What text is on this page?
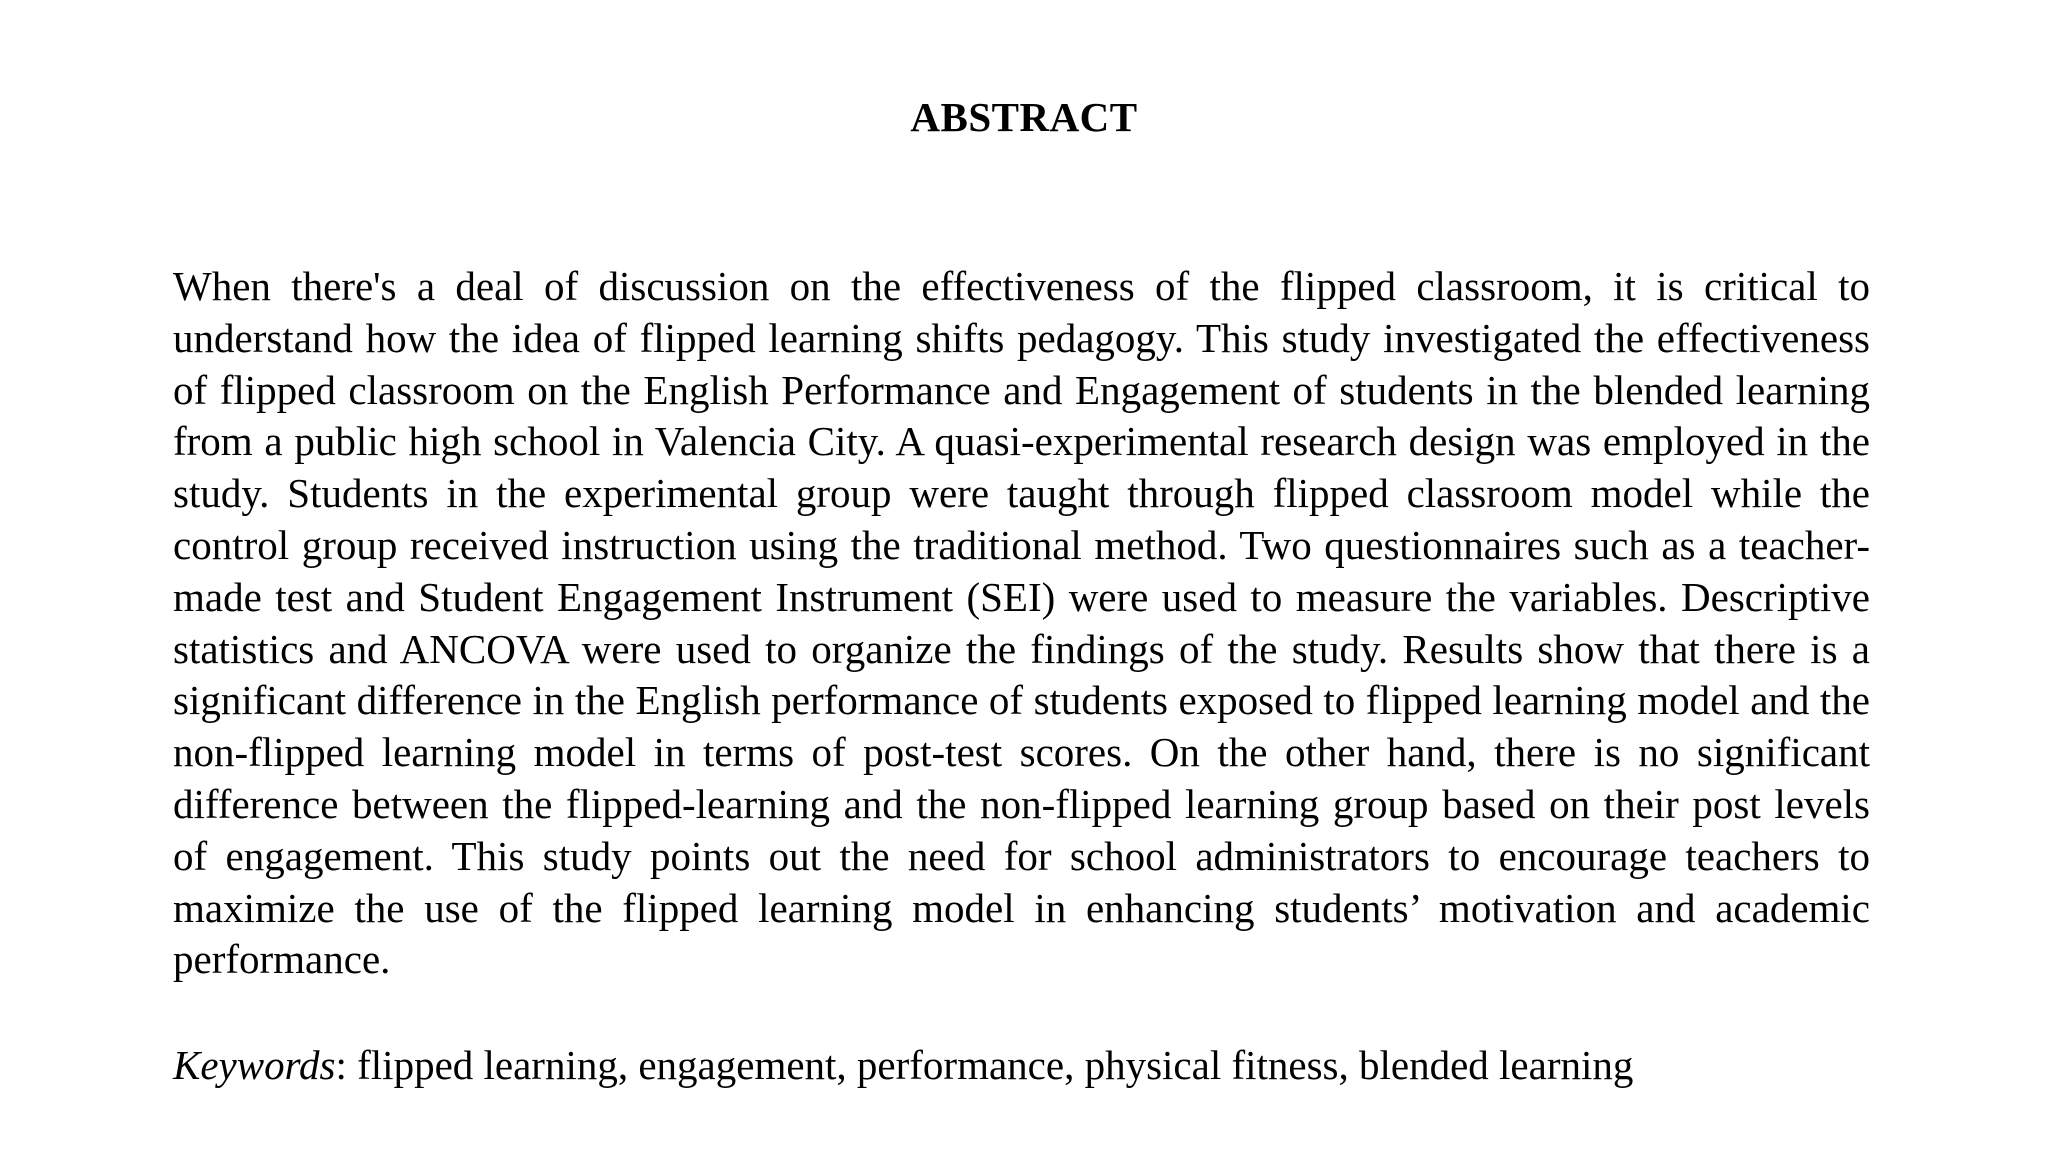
ABSTRACT

When there's a deal of discussion on the effectiveness of the flipped classroom, it is critical to understand how the idea of flipped learning shifts pedagogy. This study investigated the effectiveness of flipped classroom on the English Performance and Engagement of students in the blended learning from a public high school in Valencia City. A quasi-experimental research design was employed in the study. Students in the experimental group were taught through flipped classroom model while the control group received instruction using the traditional method. Two questionnaires such as a teacher-made test and Student Engagement Instrument (SEI) were used to measure the variables. Descriptive statistics and ANCOVA were used to organize the findings of the study. Results show that there is a significant difference in the English performance of students exposed to flipped learning model and the non-flipped learning model in terms of post-test scores. On the other hand, there is no significant difference between the flipped-learning and the non-flipped learning group based on their post levels of engagement. This study points out the need for school administrators to encourage teachers to maximize the use of the flipped learning model in enhancing students’ motivation and academic performance.

Keywords: flipped learning, engagement, performance, physical fitness, blended learning
